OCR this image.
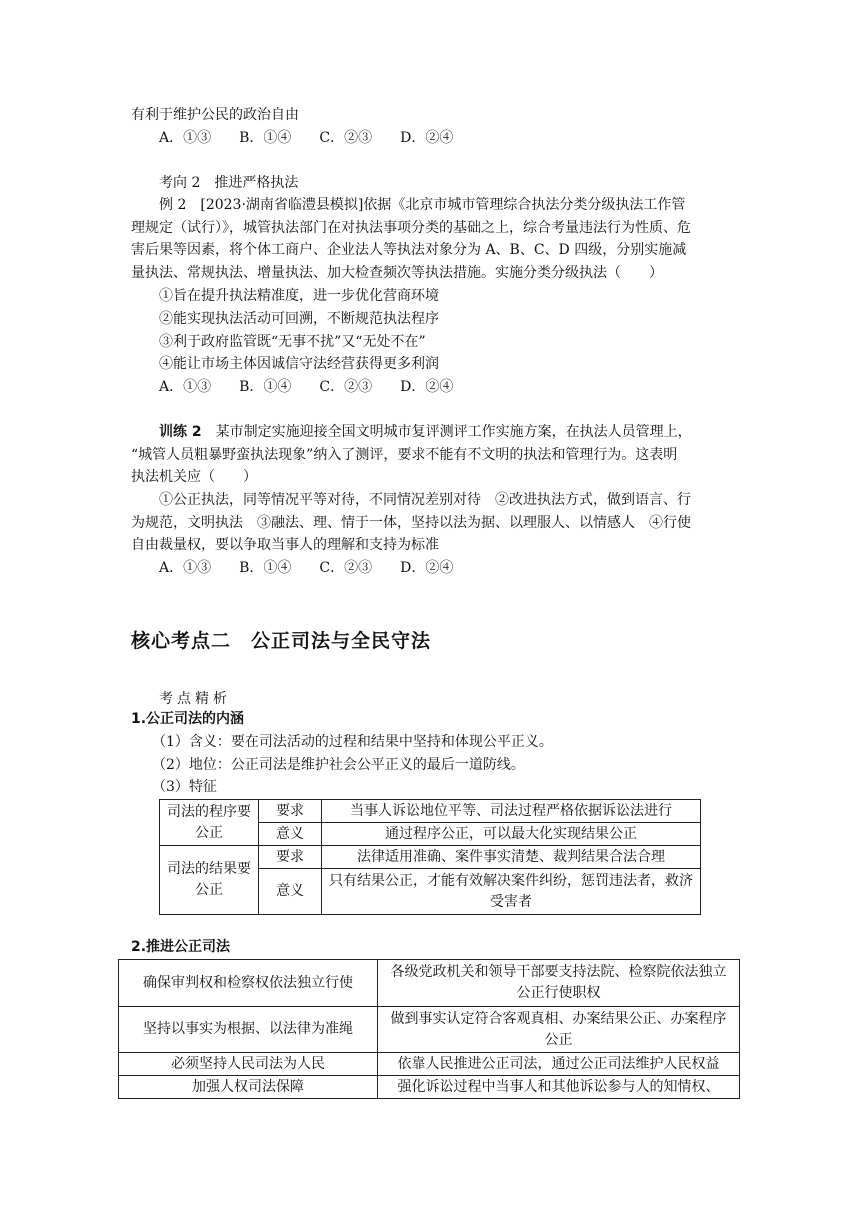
有利于维护公民的政治自由
A．①③ B．①④ C．②③ D．②④
考向 2　推进严格执法
例 2　[2023·湖南省临澧县模拟]依据《北京市城市管理综合执法分类分级执法工作管
理规定（试行）》，城管执法部门在对执法事项分类的基础之上，综合考量违法行为性质、危
害后果等因素，将个体工商户、企业法人等执法对象分为 A、B、C、D 四级，分别实施减
量执法、常规执法、增量执法、加大检查频次等执法措施。实施分类分级执法（　　）
①旨在提升执法精准度，进一步优化营商环境
②能实现执法活动可回溯，不断规范执法程序
③利于政府监管既“无事不扰”又“无处不在”
④能让市场主体因诚信守法经营获得更多利润
A．①③ B．①④ C．②③ D．②④
训练 2　某市制定实施迎接全国文明城市复评测评工作实施方案，在执法人员管理上，
“城管人员粗暴野蛮执法现象”纳入了测评，要求不能有不文明的执法和管理行为。这表明
执法机关应（　　）
①公正执法，同等情况平等对待，不同情况差别对待　②改进执法方式，做到语言、行
为规范，文明执法　③融法、理、情于一体，坚持以法为据、以理服人、以情感人　④行使
自由裁量权，要以争取当事人的理解和支持为标准
A．①③ B．①④ C．②③ D．②④
核心考点二　公正司法与全民守法
考点精析
1.公正司法的内涵
（1）含义：要在司法活动的过程和结果中坚持和体现公平正义。
（2）地位：公正司法是维护社会公平正义的最后一道防线。
（3）特征
司法的程序要公正	要求	当事人诉讼地位平等、司法过程严格依据诉讼法进行
	意义	通过程序公正，可以最大化实现结果公正
司法的结果要公正	要求	法律适用准确、案件事实清楚、裁判结果合法合理
	意义	只有结果公正，才能有效解决案件纠纷，惩罚违法者，救济受害者
2.推进公正司法
确保审判权和检察权依法独立行使	各级党政机关和领导干部要支持法院、检察院依法独立公正行使职权
坚持以事实为根据、以法律为准绳	做到事实认定符合客观真相、办案结果公正、办案程序公正
必须坚持人民司法为人民	依靠人民推进公正司法，通过公正司法维护人民权益
加强人权司法保障	强化诉讼过程中当事人和其他诉讼参与人的知情权、
